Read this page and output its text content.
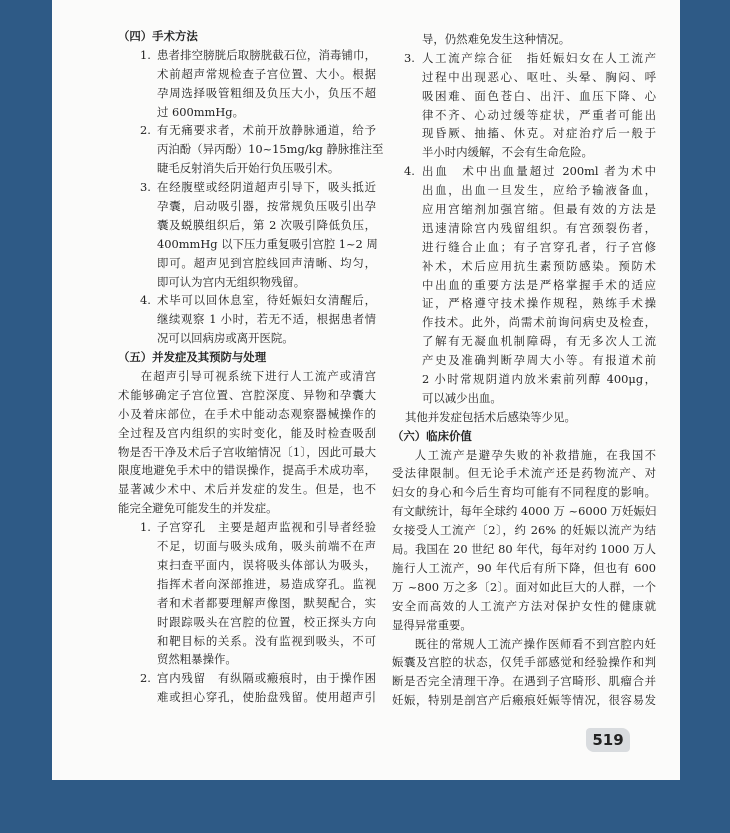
（四）手术方法
1. 患者排空膀胱后取膀胱截石位，消毒铺巾，
术前超声常规检查子宫位置、大小。根据
孕周选择吸管粗细及负压大小，负压不超
过 600mmHg。
2. 有无痛要求者，术前开放静脉通道，给予
丙泊酚（异丙酚）10~15mg/kg 静脉推注至
睫毛反射消失后开始行负压吸引术。
3. 在经腹壁或经阴道超声引导下，吸头抵近
孕囊，启动吸引器，按常规负压吸引出孕
囊及蜕膜组织后，第 2 次吸引降低负压，
400mmHg 以下压力重复吸引宫腔 1~2 周
即可。超声见到宫腔线回声清晰、均匀，
即可认为宫内无组织物残留。
4. 术毕可以回休息室，待妊娠妇女清醒后，
继续观察 1 小时，若无不适，根据患者情
况可以回病房或离开医院。
（五）并发症及其预防与处理
在超声引导可视系统下进行人工流产或清宫
术能够确定子宫位置、宫腔深度、异物和孕囊大
小及着床部位，在手术中能动态观察器械操作的
全过程及宫内组织的实时变化，能及时检查吸刮
物是否干净及术后子宫收缩情况〔1〕，因此可最大
限度地避免手术中的错误操作，提高手术成功率，
显著减少术中、术后并发症的发生。但是，也不
能完全避免可能发生的并发症。
1. 子宫穿孔　主要是超声监视和引导者经验
不足，切面与吸头成角，吸头前端不在声
束扫查平面内，误将吸头体部认为吸头，
指挥术者向深部推进，易造成穿孔。监视
者和术者都要理解声像图，默契配合，实
时跟踪吸头在宫腔的位置，校正探头方向
和靶目标的关系。没有监视到吸头，不可
贸然粗暴操作。
2. 宫内残留　有纵隔或瘢痕时，由于操作困
难或担心穿孔，使胎盘残留。使用超声引
导，仍然难免发生这种情况。
3. 人工流产综合征　指妊娠妇女在人工流产
过程中出现恶心、呕吐、头晕、胸闷、呼
吸困难、面色苍白、出汗、血压下降、心
律不齐、心动过缓等症状，严重者可能出
现昏厥、抽搐、休克。对症治疗后一般于
半小时内缓解，不会有生命危险。
4. 出血　术中出血量超过 200ml 者为术中
出血，出血一旦发生，应给予输液备血，
应用宫缩剂加强宫缩。但最有效的方法是
迅速清除宫内残留组织。有宫颈裂伤者，
进行缝合止血；有子宫穿孔者，行子宫修
补术，术后应用抗生素预防感染。预防术
中出血的重要方法是严格掌握手术的适应
证，严格遵守技术操作规程，熟练手术操
作技术。此外，尚需术前询问病史及检查，
了解有无凝血机制障碍，有无多次人工流
产史及准确判断孕周大小等。有报道术前
2 小时常规阴道内放米索前列醇 400μg，
可以减少出血。
其他并发症包括术后感染等少见。
（六）临床价值
人工流产是避孕失败的补救措施，在我国不
受法律限制。但无论手术流产还是药物流产、对
妇女的身心和今后生育均可能有不同程度的影响。
有文献统计，每年全球约 4000 万 ~6000 万妊娠妇
女接受人工流产〔2〕，约 26% 的妊娠以流产为结
局。我国在 20 世纪 80 年代，每年对约 1000 万人
施行人工流产，90 年代后有所下降，但也有 600
万 ~800 万之多〔2〕。面对如此巨大的人群，一个
安全而高效的人工流产方法对保护女性的健康就
显得异常重要。
既往的常规人工流产操作医师看不到宫腔内妊
娠囊及宫腔的状态，仅凭手部感觉和经验操作和判
断是否完全清理干净。在遇到子宫畸形、肌瘤合并
妊娠，特别是剖宫产后瘢痕妊娠等情况，很容易发
519
